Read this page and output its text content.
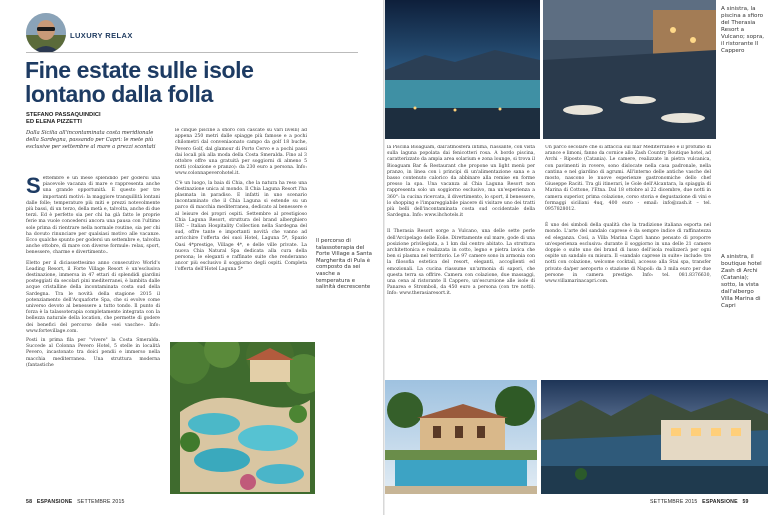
LUXURY RELAX
Fine estate sulle isole
lontano dalla folla
STEFANO PASSAQUINDICI
ED ELENA PIZZETTI
Dalla Sicilia all'incontaminata costa meridionale della Sardegna, passando per Capri: le mete più esclusive per settembre al mare a prezzi scontati

Settembre è un mese splendido per godersi una piacevole vacanza di mare e rappresenta anche una grande opportunità. E questo per tre importanti motivi: la maggiore tranquillità lontani dalle folle; temperature più miti e prezzi notevolmente più bassi, di un terzo, della metà e, talvolta, anche di due terzi. Ed è perfetto sia per chi ha già fatto le proprie ferie ma vuole concedersi ancora una pausa con l'ultimo sole prima di rientrare nella normale routine, sia per chi ha dovuto rinunciare per qualsiasi motivo alle vacanze. Ecco qualche spunto per godersi un settembre e, talvolta anche ottobre, di mare con diverse formule: relax, sport, benessere, charme e divertimento..

Eletto per il diciassettesimo anno consecutivo World's Leading Resort, il Forte Village Resort è un'esclusiva destinazione, immersa in 47 ettari di splendidi giardini posteggiati da secolari pini mediterranei, è lambita dalle acque cristalline della incontaminata costa sud della Sardegna. Tra le novità della stagione 2015 il potenziamento dell'Acquaforte Spa, che si evolve come universo devoto al benessere a tutto tondo. Il punto di forza è la talassoterapia completamente integrata con la bellezza naturale della location, che permette di godere dei benefici del percorso delle «sei vasche». Info: www.fortevillage.com.

Posti in prima fila per "vivere" la Costa Smeralda. Succede al Colonna Pevero Hotel, 5 stelle in località Pevero, incastonato tra doici pendii e immerso nella macchia mediterranea. Una struttura moderna (fantastiche

le cinque piscine a sfioro con cascate su vari livelli) ad appena 250 metri dalle spiagge più famose e a pochi chilometri dal conveniaonato campo da golf 18 buche, Pevero Golf, dal glamour di Porto Cervo e a pochi passi dai locali più alla moda della Costa Smeralda. Fino al 3 ottobre offre una gratuità per soggiorni di almeno 5 notti (colazione e pranzo): da 230 euro a persona. Info: www.colonnapeverohotel.it.

C'è un luogo, la baia di Chia, che la natura ha reso una destinazione unica al mondo. Il Chia Laguna Resort l'ha plasmata in paradiso. E infatti in uno scenario incontaminato che il Chia Laguna si estende su un parco di macchia mediterranea, dedicato al benessere e al leisure dei propri ospiti. Settembre al prestigioso Chia Laguna Resort, struttura del brand alberghiero IHC – Italian Hospitality Collection nella Sardegna del sud, offre tante e importanti novità che vanno ad arricchire l'offerta dei suoi Hotel, Laguna 5*, Spazio Oasi 4*prestige, Village 4*, e delle ville private. La nuova Chia Natural Spa dedicata alla cura della persona; le eleganti e raffinate suite che renderanno ancor più esclusivo il soggiorno degli ospiti. Completa l'offerta dell'Hotel Laguna 5*

Il percorso di talassoterapia del Forte Village a Santa Margherita di Pula è composto da sei vasche a temperatura e salinità decrescente
58 ESPANSIONE SETTEMBRE 2015
A sinistra, la piscina a sfioro del Therasia Resort a Vulcano; sopra, il ristorante Il Cappero

la Piscina Bioaguam, dall'atmosfera intima, riassante, con vista sulla laguna popolata dai fenicotteri rosa. A bordo piscina, caratterizzato da ampia area solarium e zona lounge, si trova il Bioaguam Bar & Restaurant che propone un light menù per pranzo, in linea con i principi di un'alimentazione sana e a basso contenuto calorico da abbinare alla remise en forme presso la spa. Una vacanza al Chia Laguna Resort non rappresenta solo un soggiorno esclusivo, ma un'esperienza a 360°: la cucina ricercata, il divertimento, lo sport, il benessere, lo shopping e l'impareggiabile piacere di visitare uno dei tratti più belli dell'incontaminata costa sud occidentale della Sardegna. Info: www.ihchotels.it

Il Therasia Resort sorge a Vulcano, una delle sette perle dell'Arcipelago delle Eolie. Direttamente sul mare, gode di una posizione privilegiata, a 1 km dal centro abitato. La struttura architettonica e realizzata in cotto, legno e pietra lavica che ben si plasma nel territorio. Le 97 camere sono in armonia con la filosofia estetica del resort, eleganti, accoglienti ed emozionali. La cucina riassume un'armonia di sapori, che questa terra sa offrire. Camera con colazione, due massaggi, una cena al ristorante Il Cappero, un'escursione alle isole di Panarea e Stromboli, da 450 euro a persona (con tre notti). Info: www.therasiaresort.it.

Un parco secolare che si affaccia sul mar Mediterraneo e il profumo di arance e limoni, fanno da cornice allo Zash Country Boutique hotel, ad Archi - Riposto (Catania). Le camere, realizzate in pietra vulcanica, con pavimenti in rovere, sono dislocate nella casa padronale, nella cantina e nel giardino di agrumi. All'interno delle antiche vasche del mosto, nascono le nuove esperienze gastronomiche dello chef Giuseppe Raciti. Tra gli itinerari, le Gole dell'Alcantara, la spiaggia di Marina di Cottone, l'Etna. Dal 18 ottobre al 22 dicembre, due notti in camera superior, prima colazione, corso storia e degustazione di vini e formaggi siciliani 4uq, 400 euro - email: info@zash.it – tel. 0957828012.

È uno dei simboli della qualità che la tradizione italiana esporta nel mondo. L'arte del sandalo caprese è da sempre indice di raffinatezza ed eleganza. Così, a Villa Marina Capri hanno pensato di proporre un'esperienza esclusiva: durante il soggiorno in una delle 21 camere doppie o suite uno dei brand di lusso dell'isola realizzerà per ogni ospite un sandalo su misura. Il «sandalo caprese in suite» include: tre notti con colazione, welcome cocktail, accesso alla Stai spa, transfer privato da/per aeroporto o stazione di Napoli: da 3 mila euro per due persone in camera prestige. Info: tel. 081.8376630, www.villamarinacapri.com.

A sinistra, il boutique hotel Zash di Archi (Catania); sotto, la vista dall'albergo Villa Marina di Capri
SETTEMBRE 2015 ESPANSIONE 59
